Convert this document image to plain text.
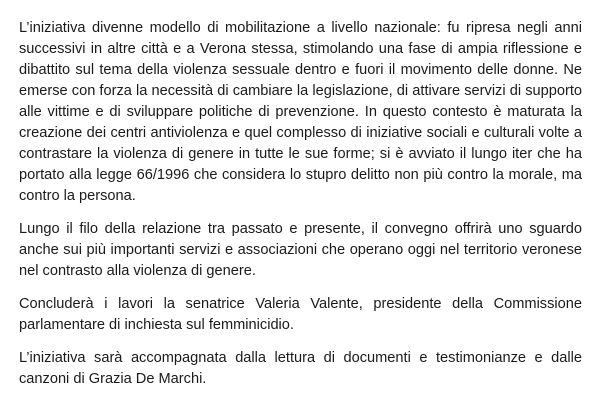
L’iniziativa divenne modello di mobilitazione a livello nazionale: fu ripresa negli anni successivi in altre città e a Verona stessa, stimolando una fase di ampia riflessione e dibattito sul tema della violenza sessuale dentro e fuori il movimento delle donne. Ne emerse con forza la necessità di cambiare la legislazione, di attivare servizi di supporto alle vittime e di sviluppare politiche di prevenzione. In questo contesto è maturata la creazione dei centri antiviolenza e quel complesso di iniziative sociali e culturali volte a contrastare la violenza di genere in tutte le sue forme; si è avviato il lungo iter che ha portato alla legge 66/1996 che considera lo stupro delitto non più contro la morale, ma contro la persona.

Lungo il filo della relazione tra passato e presente, il convegno offrirà uno sguardo anche sui più importanti servizi e associazioni che operano oggi nel territorio veronese nel contrasto alla violenza di genere.

Concluderà i lavori la senatrice Valeria Valente, presidente della Commissione parlamentare di inchiesta sul femminicidio.

L’iniziativa sarà accompagnata dalla lettura di documenti e testimonianze e dalle canzoni di Grazia De Marchi.
